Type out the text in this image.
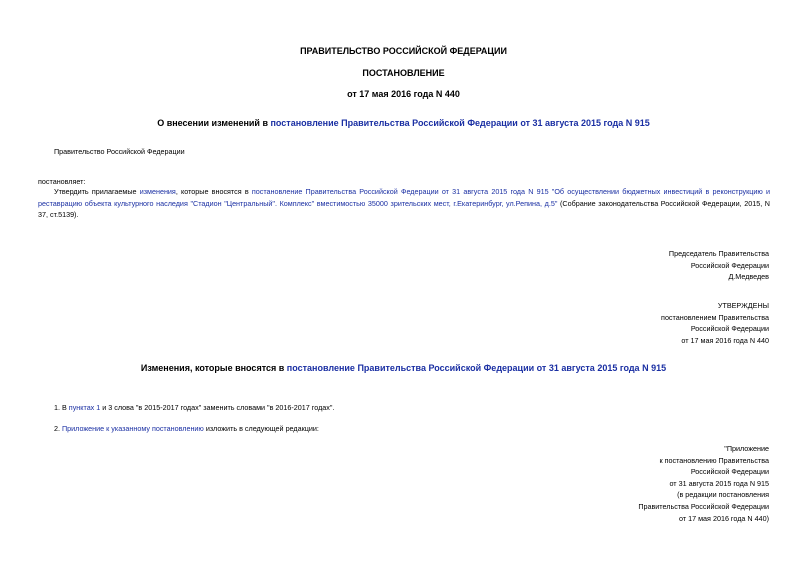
ПРАВИТЕЛЬСТВО РОССИЙСКОЙ ФЕДЕРАЦИИ
ПОСТАНОВЛЕНИЕ
от 17 мая 2016 года N 440
О внесении изменений в постановление Правительства Российской Федерации от 31 августа 2015 года N 915
Правительство Российской Федерации
постановляет:
Утвердить прилагаемые изменения, которые вносятся в постановление Правительства Российской Федерации от 31 августа 2015 года N 915 "Об осуществлении бюджетных инвестиций в реконструкцию и реставрацию объекта культурного наследия "Стадион "Центральный". Комплекс" вместимостью 35000 зрительских мест, г.Екатеринбург, ул.Репина, д.5" (Собрание законодательства Российской Федерации, 2015, N 37, ст.5139).
Председатель Правительства
Российской Федерации
Д.Медведев
УТВЕРЖДЕНЫ
постановлением Правительства
Российской Федерации
от 17 мая 2016 года N 440
Изменения, которые вносятся в постановление Правительства Российской Федерации от 31 августа 2015 года N 915
1. В пунктах 1 и 3 слова "в 2015-2017 годах" заменить словами "в 2016-2017 годах".
2. Приложение к указанному постановлению изложить в следующей редакции:
"Приложение
к постановлению Правительства
Российской Федерации
от 31 августа 2015 года N 915
(в редакции постановления
Правительства Российской Федерации
от 17 мая 2016 года N 440)
